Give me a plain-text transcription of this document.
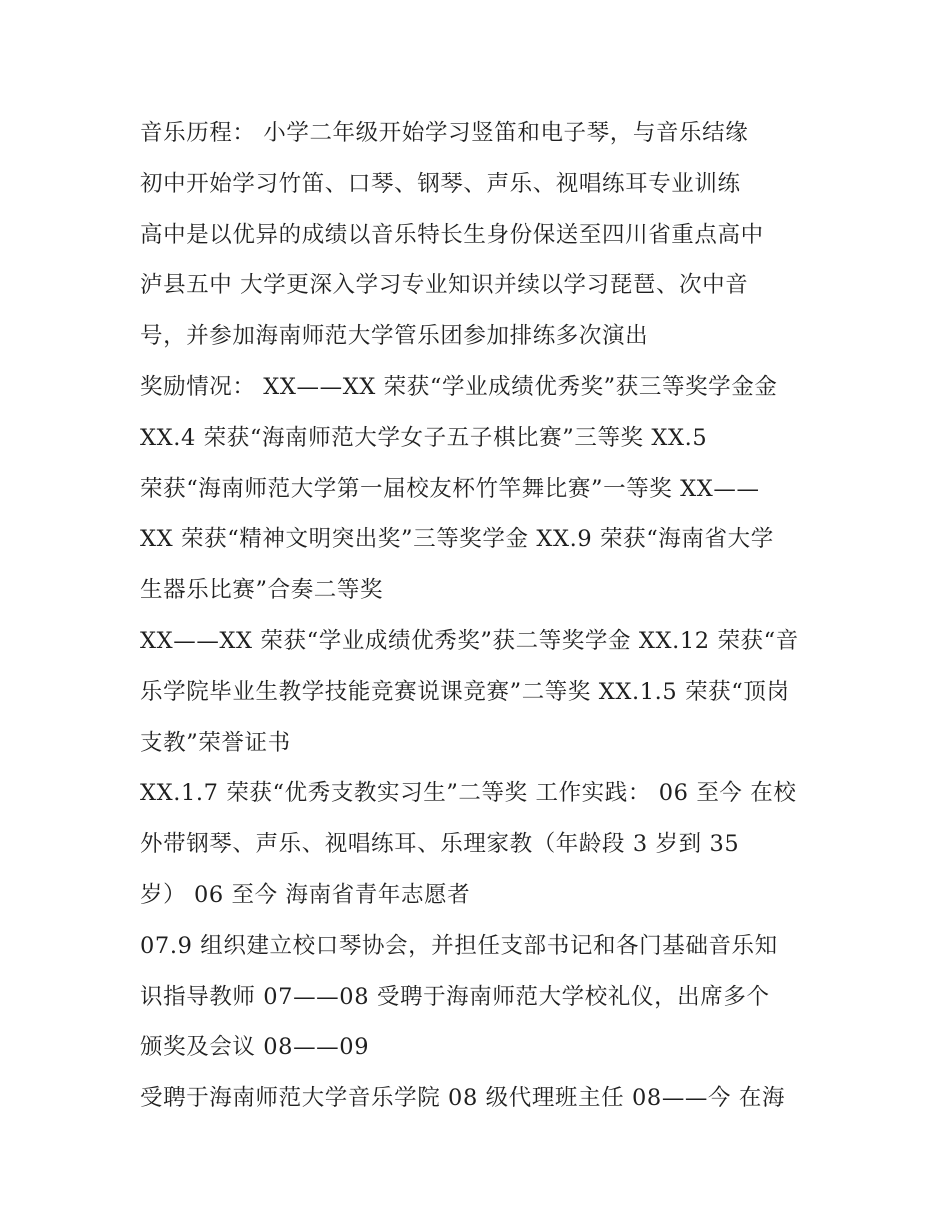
音乐历程： 小学二年级开始学习竖笛和电子琴，与音乐结缘
初中开始学习竹笛、口琴、钢琴、声乐、视唱练耳专业训练
高中是以优异的成绩以音乐特长生身份保送至四川省重点高中
泸县五中 大学更深入学习专业知识并续以学习琵琶、次中音
号，并参加海南师范大学管乐团参加排练多次演出
奖励情况： XX——XX 荣获“学业成绩优秀奖”获三等奖学金金
XX.4 荣获“海南师范大学女子五子棋比赛”三等奖 XX.5
荣获“海南师范大学第一届校友杯竹竿舞比赛”一等奖 XX——
XX 荣获“精神文明突出奖”三等奖学金 XX.9 荣获“海南省大学
生器乐比赛”合奏二等奖
XX——XX 荣获“学业成绩优秀奖”获二等奖学金 XX.12 荣获“音
乐学院毕业生教学技能竞赛说课竞赛”二等奖 XX.1.5 荣获“顶岗
支教”荣誉证书
XX.1.7 荣获“优秀支教实习生”二等奖 工作实践： 06 至今 在校
外带钢琴、声乐、视唱练耳、乐理家教（年龄段 3 岁到 35
岁） 06 至今 海南省青年志愿者
07.9 组织建立校口琴协会，并担任支部书记和各门基础音乐知
识指导教师 07——08 受聘于海南师范大学校礼仪，出席多个
颁奖及会议 08——09
受聘于海南师范大学音乐学院 08 级代理班主任 08——今 在海
